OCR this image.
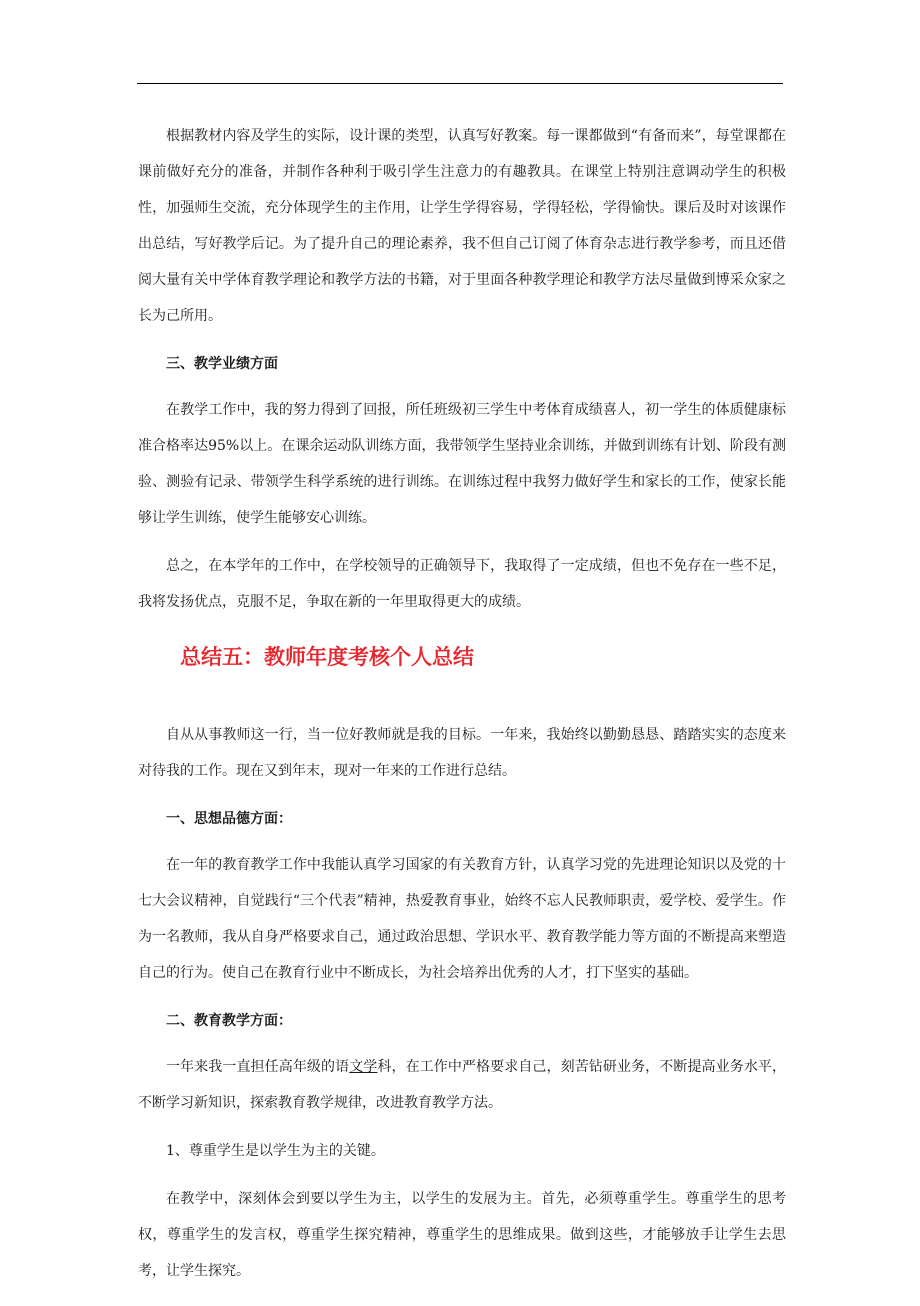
根据教材内容及学生的实际，设计课的类型，认真写好教案。每一课都做到“有备而来”，每堂课都在课前做好充分的准备，并制作各种利于吸引学生注意力的有趣教具。在课堂上特别注意调动学生的积极性，加强师生交流，充分体现学生的主作用，让学生学得容易，学得轻松，学得愉快。课后及时对该课作出总结，写好教学后记。为了提升自己的理论素养，我不但自己订阅了体育杂志进行教学参考，而且还借阅大量有关中学体育教学理论和教学方法的书籍，对于里面各种教学理论和教学方法尽量做到博采众家之长为己所用。

三、教学业绩方面

在教学工作中，我的努力得到了回报，所任班级初三学生中考体育成绩喜人，初一学生的体质健康标准合格率达95%以上。在课余运动队训练方面，我带领学生坚持业余训练，并做到训练有计划、阶段有测验、测验有记录、带领学生科学系统的进行训练。在训练过程中我努力做好学生和家长的工作，使家长能够让学生训练，使学生能够安心训练。

总之，在本学年的工作中，在学校领导的正确领导下，我取得了一定成绩，但也不免存在一些不足，我将发扬优点，克服不足，争取在新的一年里取得更大的成绩。

总结五：教师年度考核个人总结

自从从事教师这一行，当一位好教师就是我的目标。一年来，我始终以勤勤恳恳、踏踏实实的态度来对待我的工作。现在又到年末，现对一年来的工作进行总结。

一、思想品德方面：

在一年的教育教学工作中我能认真学习国家的有关教育方针，认真学习党的先进理论知识以及党的十七大会议精神，自觉践行“三个代表”精神，热爱教育事业，始终不忘人民教师职责，爱学校、爱学生。作为一名教师，我从自身严格要求自己，通过政治思想、学识水平、教育教学能力等方面的不断提高来塑造自己的行为。使自己在教育行业中不断成长，为社会培养出优秀的人才，打下坚实的基础。

二、教育教学方面：

一年来我一直担任高年级的语文学科，在工作中严格要求自己，刻苦钻研业务，不断提高业务水平，不断学习新知识，探索教育教学规律，改进教育教学方法。

1、尊重学生是以学生为主的关键。

在教学中，深刻体会到要以学生为主，以学生的发展为主。首先，必须尊重学生。尊重学生的思考权，尊重学生的发言权，尊重学生探究精神，尊重学生的思维成果。做到这些，才能够放手让学生去思考，让学生探究。
